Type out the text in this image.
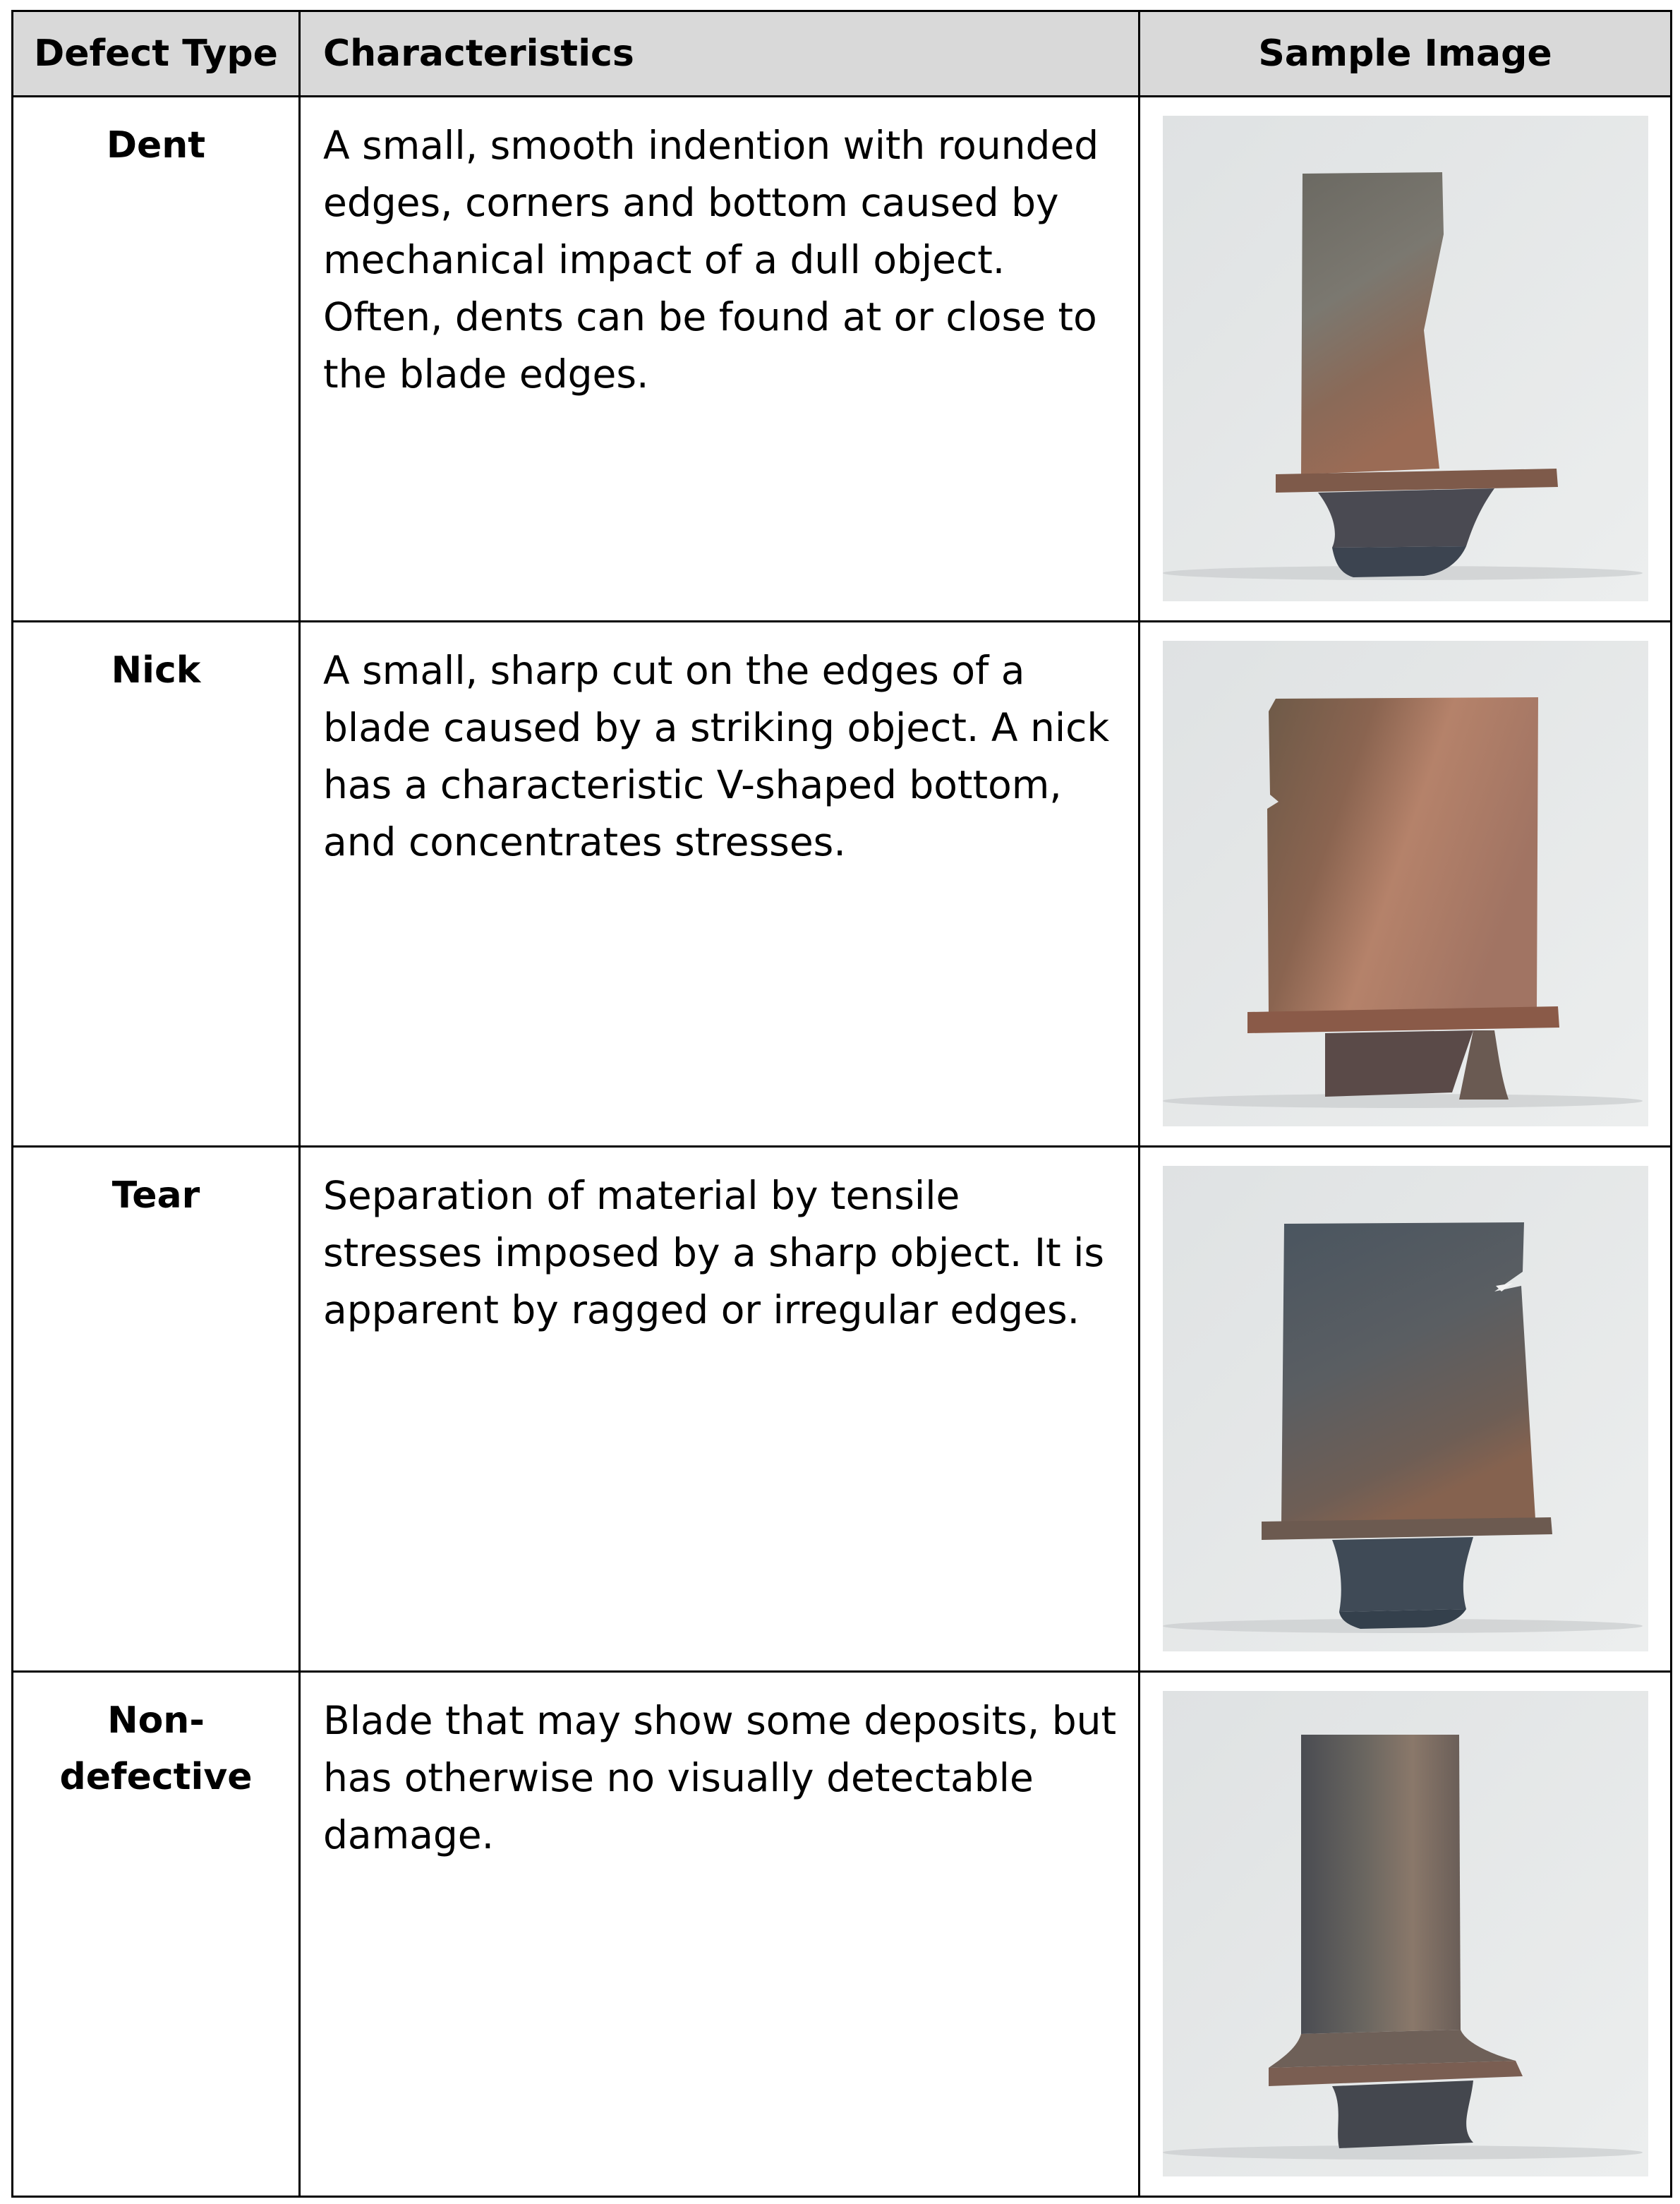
Defect Type	Characteristics	Sample Image
Dent	A small, smooth indention with rounded edges, corners and bottom caused by mechanical impact of a dull object. Often, dents can be found at or close to the blade edges.	

Nick	A small, sharp cut on the edges of a blade caused by a striking object. A nick has a characteristic V-shaped bottom, and concentrates stresses.	

Tear	Separation of material by tensile stresses imposed by a sharp object. It is apparent by ragged or irregular edges.	

Non-defective	Blade that may show some deposits, but has otherwise no visually detectable damage.	
